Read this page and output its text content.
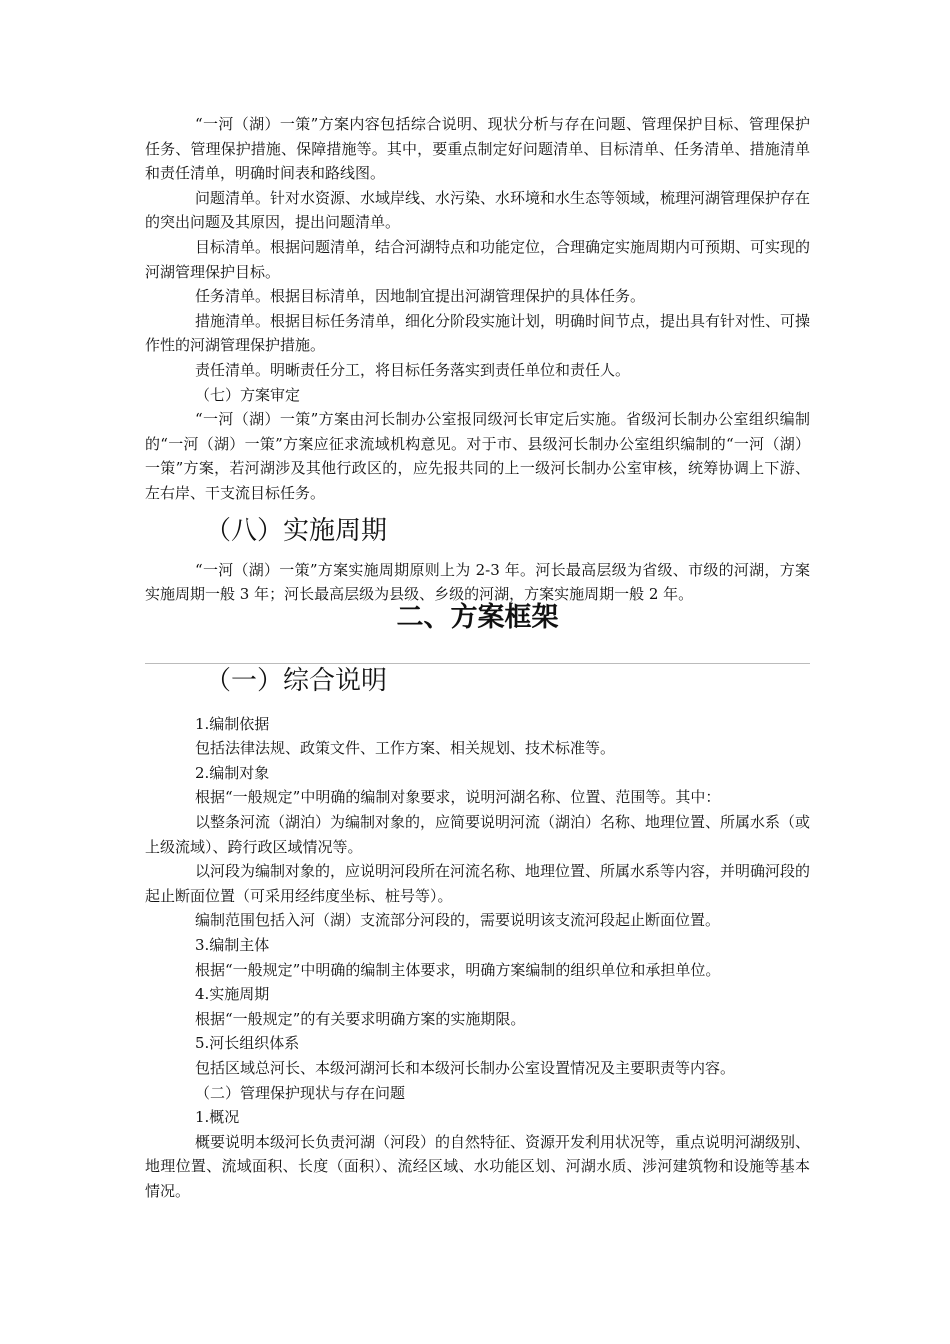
“一河（湖）一策”方案内容包括综合说明、现状分析与存在问题、管理保护目标、管理保护任务、管理保护措施、保障措施等。其中，要重点制定好问题清单、目标清单、任务清单、措施清单和责任清单，明确时间表和路线图。

问题清单。针对水资源、水域岸线、水污染、水环境和水生态等领域，梳理河湖管理保护存在的突出问题及其原因，提出问题清单。

目标清单。根据问题清单，结合河湖特点和功能定位，合理确定实施周期内可预期、可实现的河湖管理保护目标。

任务清单。根据目标清单，因地制宜提出河湖管理保护的具体任务。

措施清单。根据目标任务清单，细化分阶段实施计划，明确时间节点，提出具有针对性、可操作性的河湖管理保护措施。

责任清单。明晰责任分工，将目标任务落实到责任单位和责任人。

（七）方案审定

“一河（湖）一策”方案由河长制办公室报同级河长审定后实施。省级河长制办公室组织编制的“一河（湖）一策”方案应征求流域机构意见。对于市、县级河长制办公室组织编制的“一河（湖）一策”方案，若河湖涉及其他行政区的，应先报共同的上一级河长制办公室审核，统筹协调上下游、左右岸、干支流目标任务。

（八）实施周期

“一河（湖）一策”方案实施周期原则上为 2-3 年。河长最高层级为省级、市级的河湖，方案实施周期一般 3 年；河长最高层级为县级、乡级的河湖，方案实施周期一般 2 年。

二、方案框架
（一）综合说明

1.编制依据

包括法律法规、政策文件、工作方案、相关规划、技术标准等。

2.编制对象

根据“一般规定”中明确的编制对象要求，说明河湖名称、位置、范围等。其中：

以整条河流（湖泊）为编制对象的，应简要说明河流（湖泊）名称、地理位置、所属水系（或上级流域）、跨行政区域情况等。

以河段为编制对象的，应说明河段所在河流名称、地理位置、所属水系等内容，并明确河段的起止断面位置（可采用经纬度坐标、桩号等）。

编制范围包括入河（湖）支流部分河段的，需要说明该支流河段起止断面位置。

3.编制主体

根据“一般规定”中明确的编制主体要求，明确方案编制的组织单位和承担单位。

4.实施周期

根据“一般规定”的有关要求明确方案的实施期限。

5.河长组织体系

包括区域总河长、本级河湖河长和本级河长制办公室设置情况及主要职责等内容。

（二）管理保护现状与存在问题

1.概况

概要说明本级河长负责河湖（河段）的自然特征、资源开发利用状况等，重点说明河湖级别、地理位置、流域面积、长度（面积）、流经区域、水功能区划、河湖水质、涉河建筑物和设施等基本情况。
